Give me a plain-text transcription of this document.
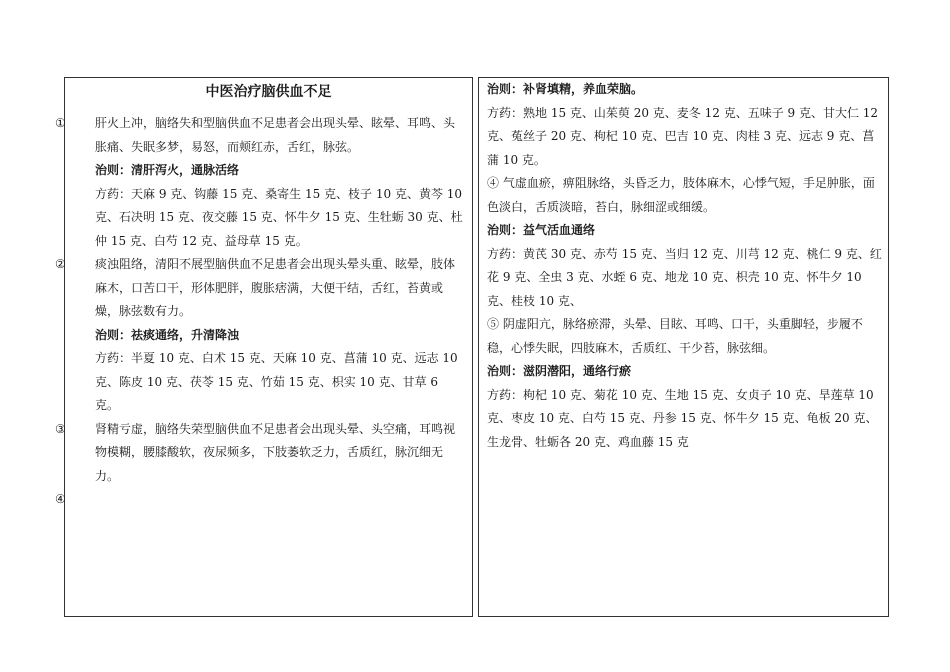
中医治疗脑供血不足

① 肝火上冲，脑络失和型脑供血不足患者会出现头晕、眩晕、耳鸣、头胀痛、失眠多梦，易怒，而颊红赤，舌红，脉弦。

治则：清肝泻火，通脉活络

方药：天麻 9 克、钩藤 15 克、桑寄生 15 克、枝子 10 克、黄芩 10 克、石决明 15 克、夜交藤 15 克、怀牛夕 15 克、生牡蛎 30 克、杜仲 15 克、白芍 12 克、益母草 15 克。

② 痰浊阻络，清阳不展型脑供血不足患者会出现头晕头重、眩晕，肢体麻木，口苦口干，形体肥胖，腹胀痞满，大便干结，舌红，苔黄或燥，脉弦数有力。

治则：祛痰通络，升清降浊

方药：半夏 10 克、白术 15 克、天麻 10 克、菖蒲 10 克、远志 10 克、陈皮 10 克、茯苓 15 克、竹茹 15 克、枳实 10 克、甘草 6 克。

③ 肾精亏虚，脑络失荣型脑供血不足患者会出现头晕、头空痛，耳鸣视物模糊，腰膝酸软，夜尿频多，下肢萎软乏力，舌质红，脉沉细无力。

④

治则：补肾填精，养血荣脑。

方药：熟地 15 克、山茱萸 20 克、麦冬 12 克、五味子 9 克、甘大仁 12 克、菟丝子 20 克、枸杞 10 克、巴吉 10 克、肉桂 3 克、远志 9 克、菖蒲 10 克。

④ 气虚血瘀，痹阻脉络，头昏乏力，肢体麻木，心悸气短，手足肿胀，面色淡白，舌质淡暗，苔白，脉细涩或细缓。

治则：益气活血通络

方药：黄芪 30 克、赤芍 15 克、当归 12 克、川芎 12 克、桃仁 9 克、红花 9 克、全虫 3 克、水蛭 6 克、地龙 10 克、枳壳 10 克、怀牛夕 10 克、桂枝 10 克、

⑤ 阴虚阳亢，脉络瘀滞，头晕、目眩、耳鸣、口干，头重脚轻，步履不稳，心悸失眠，四肢麻木，舌质红、干少苔，脉弦细。

治则：滋阴潜阳，通络行瘀

方药：枸杞 10 克、菊花 10 克、生地 15 克、女贞子 10 克、旱莲草 10 克、枣皮 10 克、白芍 15 克、丹参 15 克、怀牛夕 15 克、龟板 20 克、生龙骨、牡蛎各 20 克、鸡血藤 15 克
